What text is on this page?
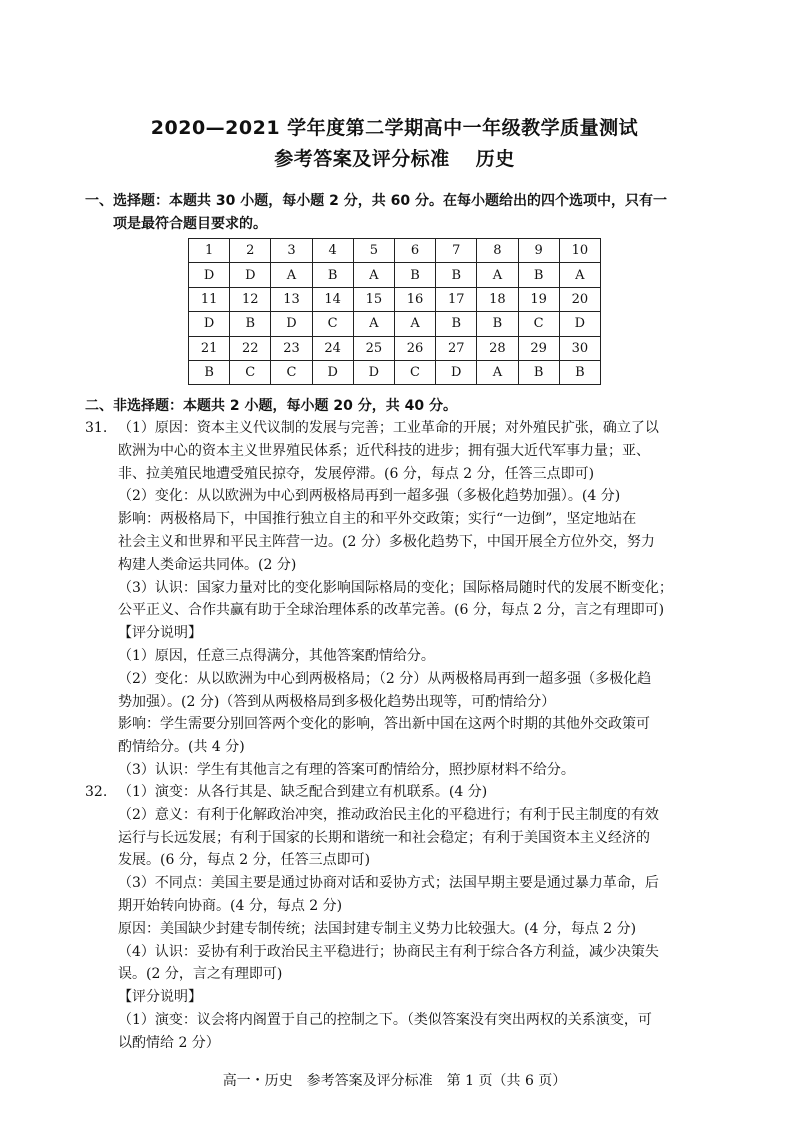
2020—2021 学年度第二学期高中一年级教学质量测试
参考答案及评分标准 历史
一、选择题：本题共 30 小题，每小题 2 分，共 60 分。在每小题给出的四个选项中，只有一
项是最符合题目要求的。
1	2	3	4	5	6	7	8	9	10
D	D	A	B	A	B	B	A	B	A
11	12	13	14	15	16	17	18	19	20
D	B	D	C	A	A	B	B	C	D
21	22	23	24	25	26	27	28	29	30
B	C	C	D	D	C	D	A	B	B
二、非选择题：本题共 2 小题，每小题 20 分，共 40 分。
31. （1）原因：资本主义代议制的发展与完善；工业革命的开展；对外殖民扩张，确立了以
欧洲为中心的资本主义世界殖民体系；近代科技的进步；拥有强大近代军事力量；亚、
非、拉美殖民地遭受殖民掠夺，发展停滞。(6 分，每点 2 分，任答三点即可)
（2）变化：从以欧洲为中心到两极格局再到一超多强（多极化趋势加强）。(4 分)
影响：两极格局下，中国推行独立自主的和平外交政策；实行“一边倒”，坚定地站在
社会主义和世界和平民主阵营一边。(2 分）多极化趋势下，中国开展全方位外交，努力
构建人类命运共同体。(2 分)
（3）认识：国家力量对比的变化影响国际格局的变化；国际格局随时代的发展不断变化；
公平正义、合作共赢有助于全球治理体系的改革完善。(6 分，每点 2 分，言之有理即可)
【评分说明】
（1）原因，任意三点得满分，其他答案酌情给分。
（2）变化：从以欧洲为中心到两极格局；（2 分）从两极格局再到一超多强（多极化趋
势加强）。(2 分)（答到从两极格局到多极化趋势出现等，可酌情给分）
影响：学生需要分别回答两个变化的影响，答出新中国在这两个时期的其他外交政策可
酌情给分。(共 4 分)
（3）认识：学生有其他言之有理的答案可酌情给分，照抄原材料不给分。
32. （1）演变：从各行其是、缺乏配合到建立有机联系。(4 分)
（2）意义：有利于化解政治冲突，推动政治民主化的平稳进行；有利于民主制度的有效
运行与长远发展；有利于国家的长期和谐统一和社会稳定；有利于美国资本主义经济的
发展。(6 分，每点 2 分，任答三点即可)
（3）不同点：美国主要是通过协商对话和妥协方式；法国早期主要是通过暴力革命，后
期开始转向协商。(4 分，每点 2 分)
原因：美国缺少封建专制传统；法国封建专制主义势力比较强大。(4 分，每点 2 分)
（4）认识：妥协有利于政治民主平稳进行；协商民主有利于综合各方利益，减少决策失
误。(2 分，言之有理即可)
【评分说明】
（1）演变：议会将内阁置于自己的控制之下。（类似答案没有突出两权的关系演变，可
以酌情给 2 分）
高一・历史　参考答案及评分标准　第 1 页（共 6 页）
